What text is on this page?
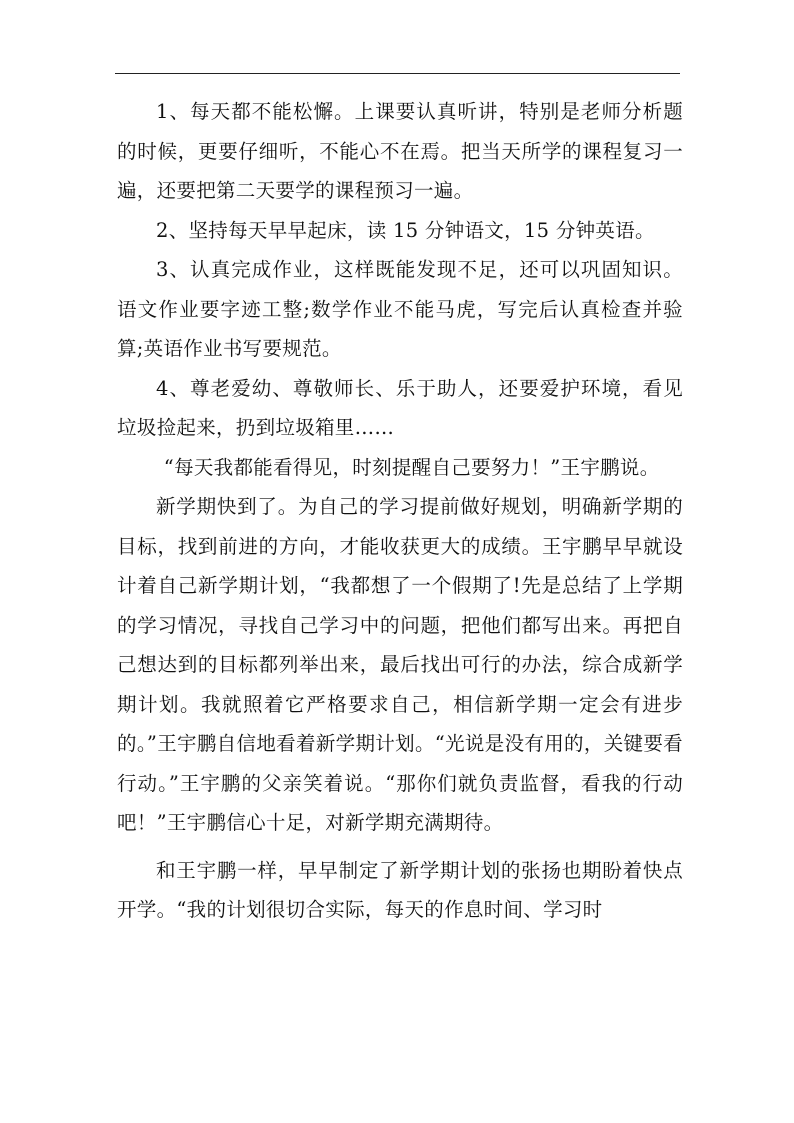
1、每天都不能松懈。上课要认真听讲，特别是老师分析题的时候，更要仔细听，不能心不在焉。把当天所学的课程复习一遍，还要把第二天要学的课程预习一遍。

2、坚持每天早早起床，读 15 分钟语文，15 分钟英语。

3、认真完成作业，这样既能发现不足，还可以巩固知识。语文作业要字迹工整;数学作业不能马虎，写完后认真检查并验算;英语作业书写要规范。

4、尊老爱幼、尊敬师长、乐于助人，还要爱护环境，看见垃圾捡起来，扔到垃圾箱里……

“每天我都能看得见，时刻提醒自己要努力！”王宇鹏说。

新学期快到了。为自己的学习提前做好规划，明确新学期的目标，找到前进的方向，才能收获更大的成绩。王宇鹏早早就设计着自己新学期计划，“我都想了一个假期了!先是总结了上学期的学习情况，寻找自己学习中的问题，把他们都写出来。再把自己想达到的目标都列举出来，最后找出可行的办法，综合成新学期计划。我就照着它严格要求自己，相信新学期一定会有进步的。”王宇鹏自信地看着新学期计划。“光说是没有用的，关键要看行动。”王宇鹏的父亲笑着说。“那你们就负责监督，看我的行动吧！”王宇鹏信心十足，对新学期充满期待。

和王宇鹏一样，早早制定了新学期计划的张扬也期盼着快点开学。“我的计划很切合实际，每天的作息时间、学习时
